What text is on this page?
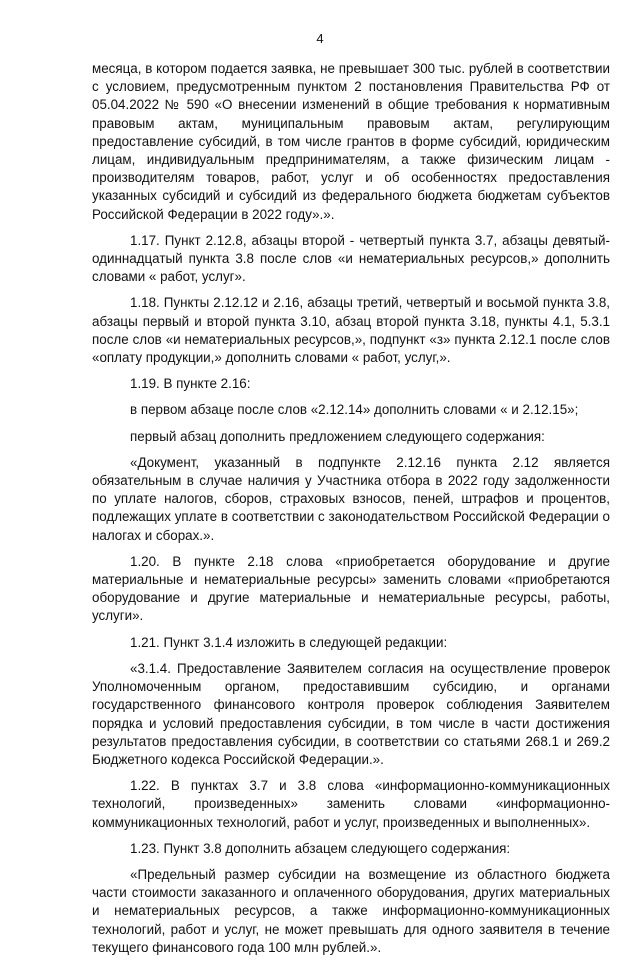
4

месяца, в котором подается заявка, не превышает 300 тыс. рублей в соответствии с условием, предусмотренным пунктом 2 постановления Правительства РФ от 05.04.2022 № 590 «О внесении изменений в общие требования к нормативным правовым актам, муниципальным правовым актам, регулирующим предоставление субсидий, в том числе грантов в форме субсидий, юридическим лицам, индивидуальным предпринимателям, а также физическим лицам - производителям товаров, работ, услуг и об особенностях предоставления указанных субсидий и субсидий из федерального бюджета бюджетам субъектов Российской Федерации в 2022 году».».

1.17. Пункт 2.12.8, абзацы второй - четвертый пункта 3.7, абзацы девятый-одиннадцатый пункта 3.8 после слов «и нематериальных ресурсов,» дополнить словами « работ, услуг».

1.18. Пункты 2.12.12 и 2.16, абзацы третий, четвертый и восьмой пункта 3.8, абзацы первый и второй пункта 3.10, абзац второй пункта 3.18, пункты 4.1, 5.3.1 после слов «и нематериальных ресурсов,», подпункт «з» пункта 2.12.1 после слов «оплату продукции,» дополнить словами « работ, услуг,».

1.19. В пункте 2.16:

в первом абзаце после слов «2.12.14» дополнить словами « и 2.12.15»;

первый абзац дополнить предложением следующего содержания:

«Документ, указанный в подпункте 2.12.16 пункта 2.12 является обязательным в случае наличия у Участника отбора в 2022 году задолженности по уплате налогов, сборов, страховых взносов, пеней, штрафов и процентов, подлежащих уплате в соответствии с законодательством Российской Федерации о налогах и сборах.».

1.20. В пункте 2.18 слова «приобретается оборудование и другие материальные и нематериальные ресурсы» заменить словами «приобретаются оборудование и другие материальные и нематериальные ресурсы, работы, услуги».

1.21. Пункт 3.1.4 изложить в следующей редакции:

«3.1.4. Предоставление Заявителем согласия на осуществление проверок Уполномоченным органом, предоставившим субсидию, и органами государственного финансового контроля проверок соблюдения Заявителем порядка и условий предоставления субсидии, в том числе в части достижения результатов предоставления субсидии, в соответствии со статьями 268.1 и 269.2 Бюджетного кодекса Российской Федерации.».

1.22. В пунктах 3.7 и 3.8 слова «информационно-коммуникационных технологий, произведенных» заменить словами «информационно-коммуникационных технологий, работ и услуг, произведенных и выполненных».

1.23. Пункт 3.8 дополнить абзацем следующего содержания:

«Предельный размер субсидии на возмещение из областного бюджета части стоимости заказанного и оплаченного оборудования, других материальных и нематериальных ресурсов, а также информационно-коммуникационных технологий, работ и услуг, не может превышать для одного заявителя в течение текущего финансового года 100 млн рублей.».
